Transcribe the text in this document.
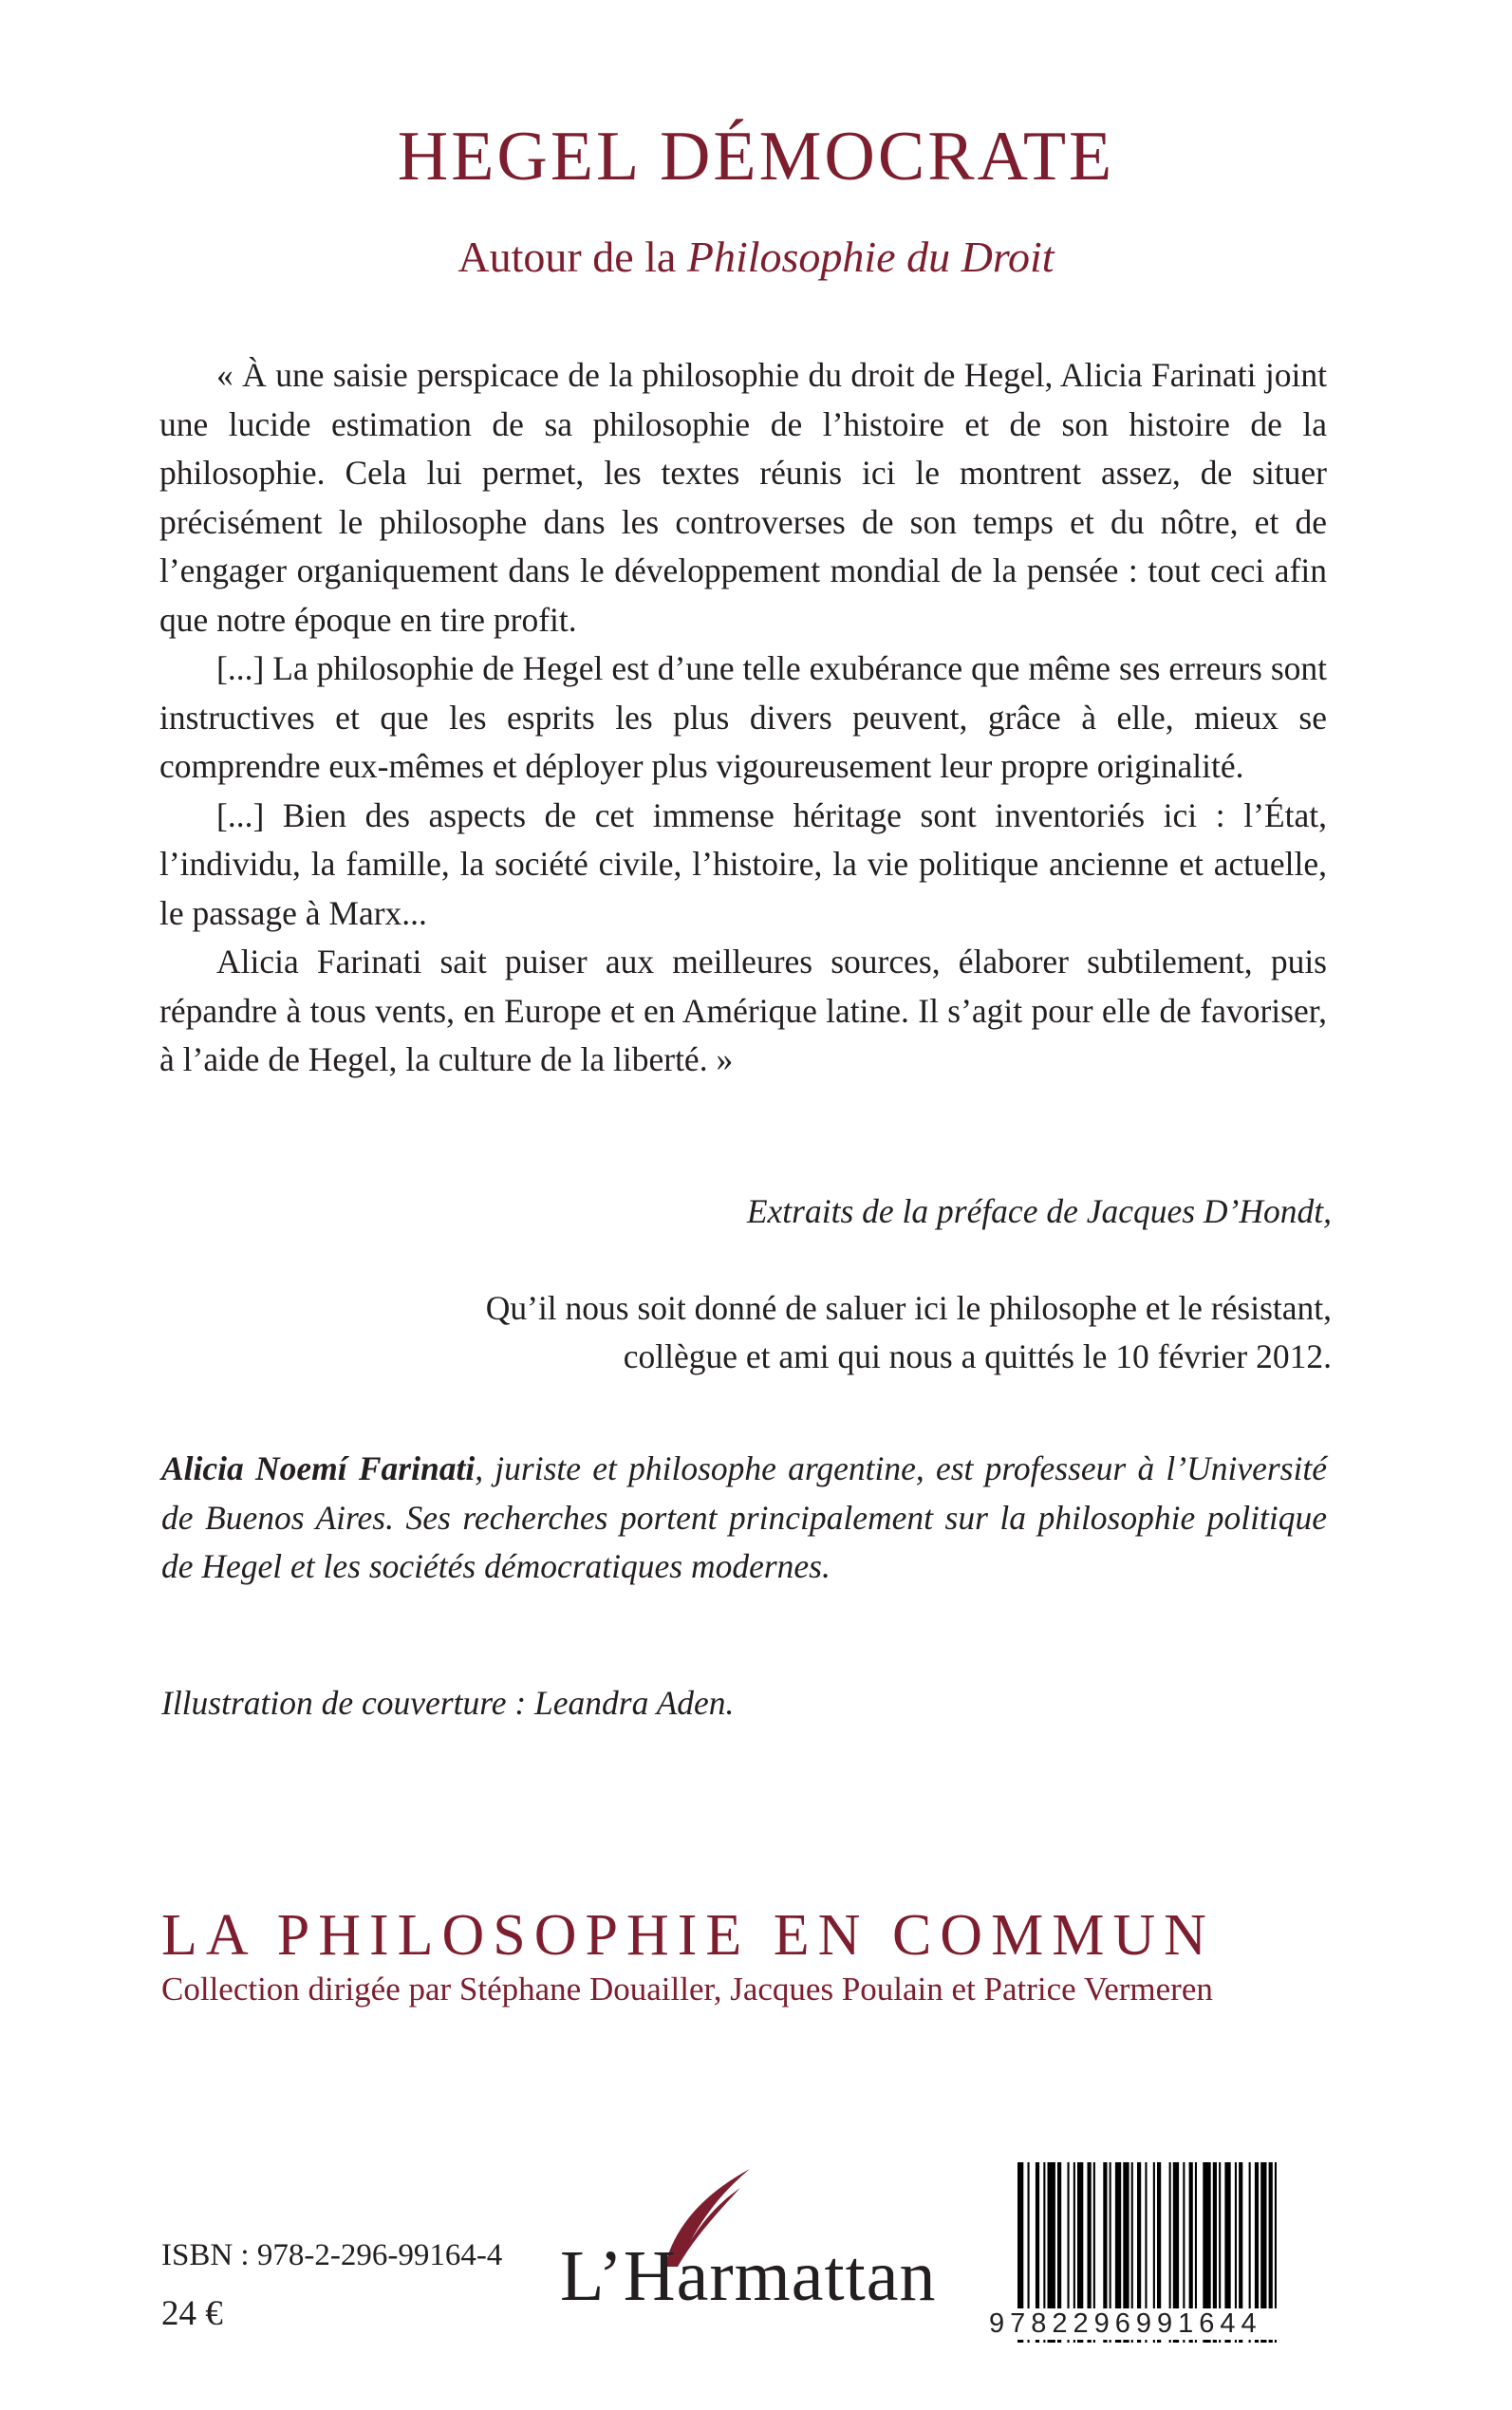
HEGEL DÉMOCRATE
Autour de la Philosophie du Droit

« À une saisie perspicace de la philosophie du droit de Hegel, Alicia Farinati joint une lucide estimation de sa philosophie de l’histoire et de son histoire de la philosophie. Cela lui permet, les textes réunis ici le montrent assez, de situer précisément le philosophe dans les controverses de son temps et du nôtre, et de l’engager organiquement dans le développement mondial de la pensée : tout ceci afin que notre époque en tire profit.

[...] La philosophie de Hegel est d’une telle exubérance que même ses erreurs sont instructives et que les esprits les plus divers peuvent, grâce à elle, mieux se comprendre eux-mêmes et déployer plus vigoureusement leur propre originalité.

[...] Bien des aspects de cet immense héritage sont inventoriés ici : l’État, l’individu, la famille, la société civile, l’histoire, la vie politique ancienne et actuelle, le passage à Marx...

Alicia Farinati sait puiser aux meilleures sources, élaborer subtilement, puis répandre à tous vents, en Europe et en Amérique latine. Il s’agit pour elle de favoriser, à l’aide de Hegel, la culture de la liberté. »

Extraits de la préface de Jacques D’Hondt,
Qu’il nous soit donné de saluer ici le philosophe et le résistant,
collègue et ami qui nous a quittés le 10 février 2012.
Alicia Noemí Farinati, juriste et philosophe argentine, est professeur à l’Université de Buenos Aires. Ses recherches portent principalement sur la philosophie politique de Hegel et les sociétés démocratiques modernes.
Illustration de couverture : Leandra Aden.
LA PHILOSOPHIE EN COMMUN
Collection dirigée par Stéphane Douailler, Jacques Poulain et Patrice Vermeren
ISBN : 978-2-296-99164-4
24 €	L’Harmattan
9782296991644
